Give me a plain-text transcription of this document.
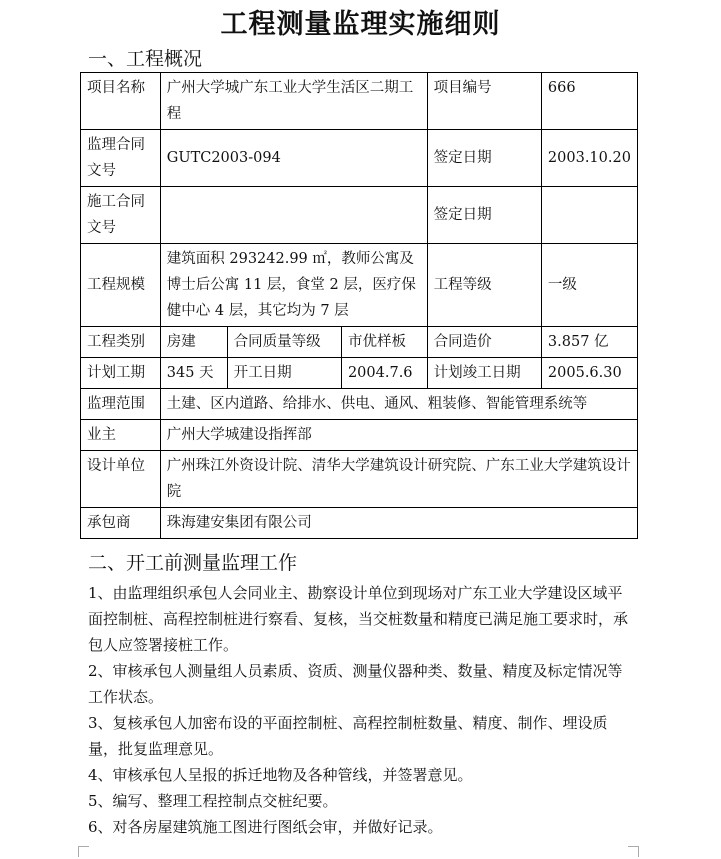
工程测量监理实施细则
一、工程概况
项目名称	广州大学城广东工业大学生活区二期工程			项目编号	666
监理合同文号	GUTC2003-094			签定日期	2003.10.20
施工合同文号				签定日期	
工程规模	建筑面积 293242.99 ㎡，教师公寓及博士后公寓 11 层，食堂 2 层，医疗保健中心 4 层，其它均为 7 层			工程等级	一级
工程类别	房建	合同质量等级	市优样板	合同造价	3.857 亿
计划工期	345 天	开工日期	2004.7.6	计划竣工日期	2005.6.30
监理范围	土建、区内道路、给排水、供电、通风、粗装修、智能管理系统等				
业主	广州大学城建设指挥部				
设计单位	广州珠江外资设计院、清华大学建筑设计研究院、广东工业大学建筑设计院				
承包商	珠海建安集团有限公司				
二、开工前测量监理工作

1、由监理组织承包人会同业主、勘察设计单位到现场对广东工业大学建设区域平面控制桩、高程控制桩进行察看、复核，当交桩数量和精度已满足施工要求时，承包人应签署接桩工作。

2、审核承包人测量组人员素质、资质、测量仪器种类、数量、精度及标定情况等工作状态。

3、复核承包人加密布设的平面控制桩、高程控制桩数量、精度、制作、埋设质量，批复监理意见。

4、审核承包人呈报的拆迁地物及各种管线，并签署意见。

5、编写、整理工程控制点交桩纪要。

6、对各房屋建筑施工图进行图纸会审，并做好记录。
